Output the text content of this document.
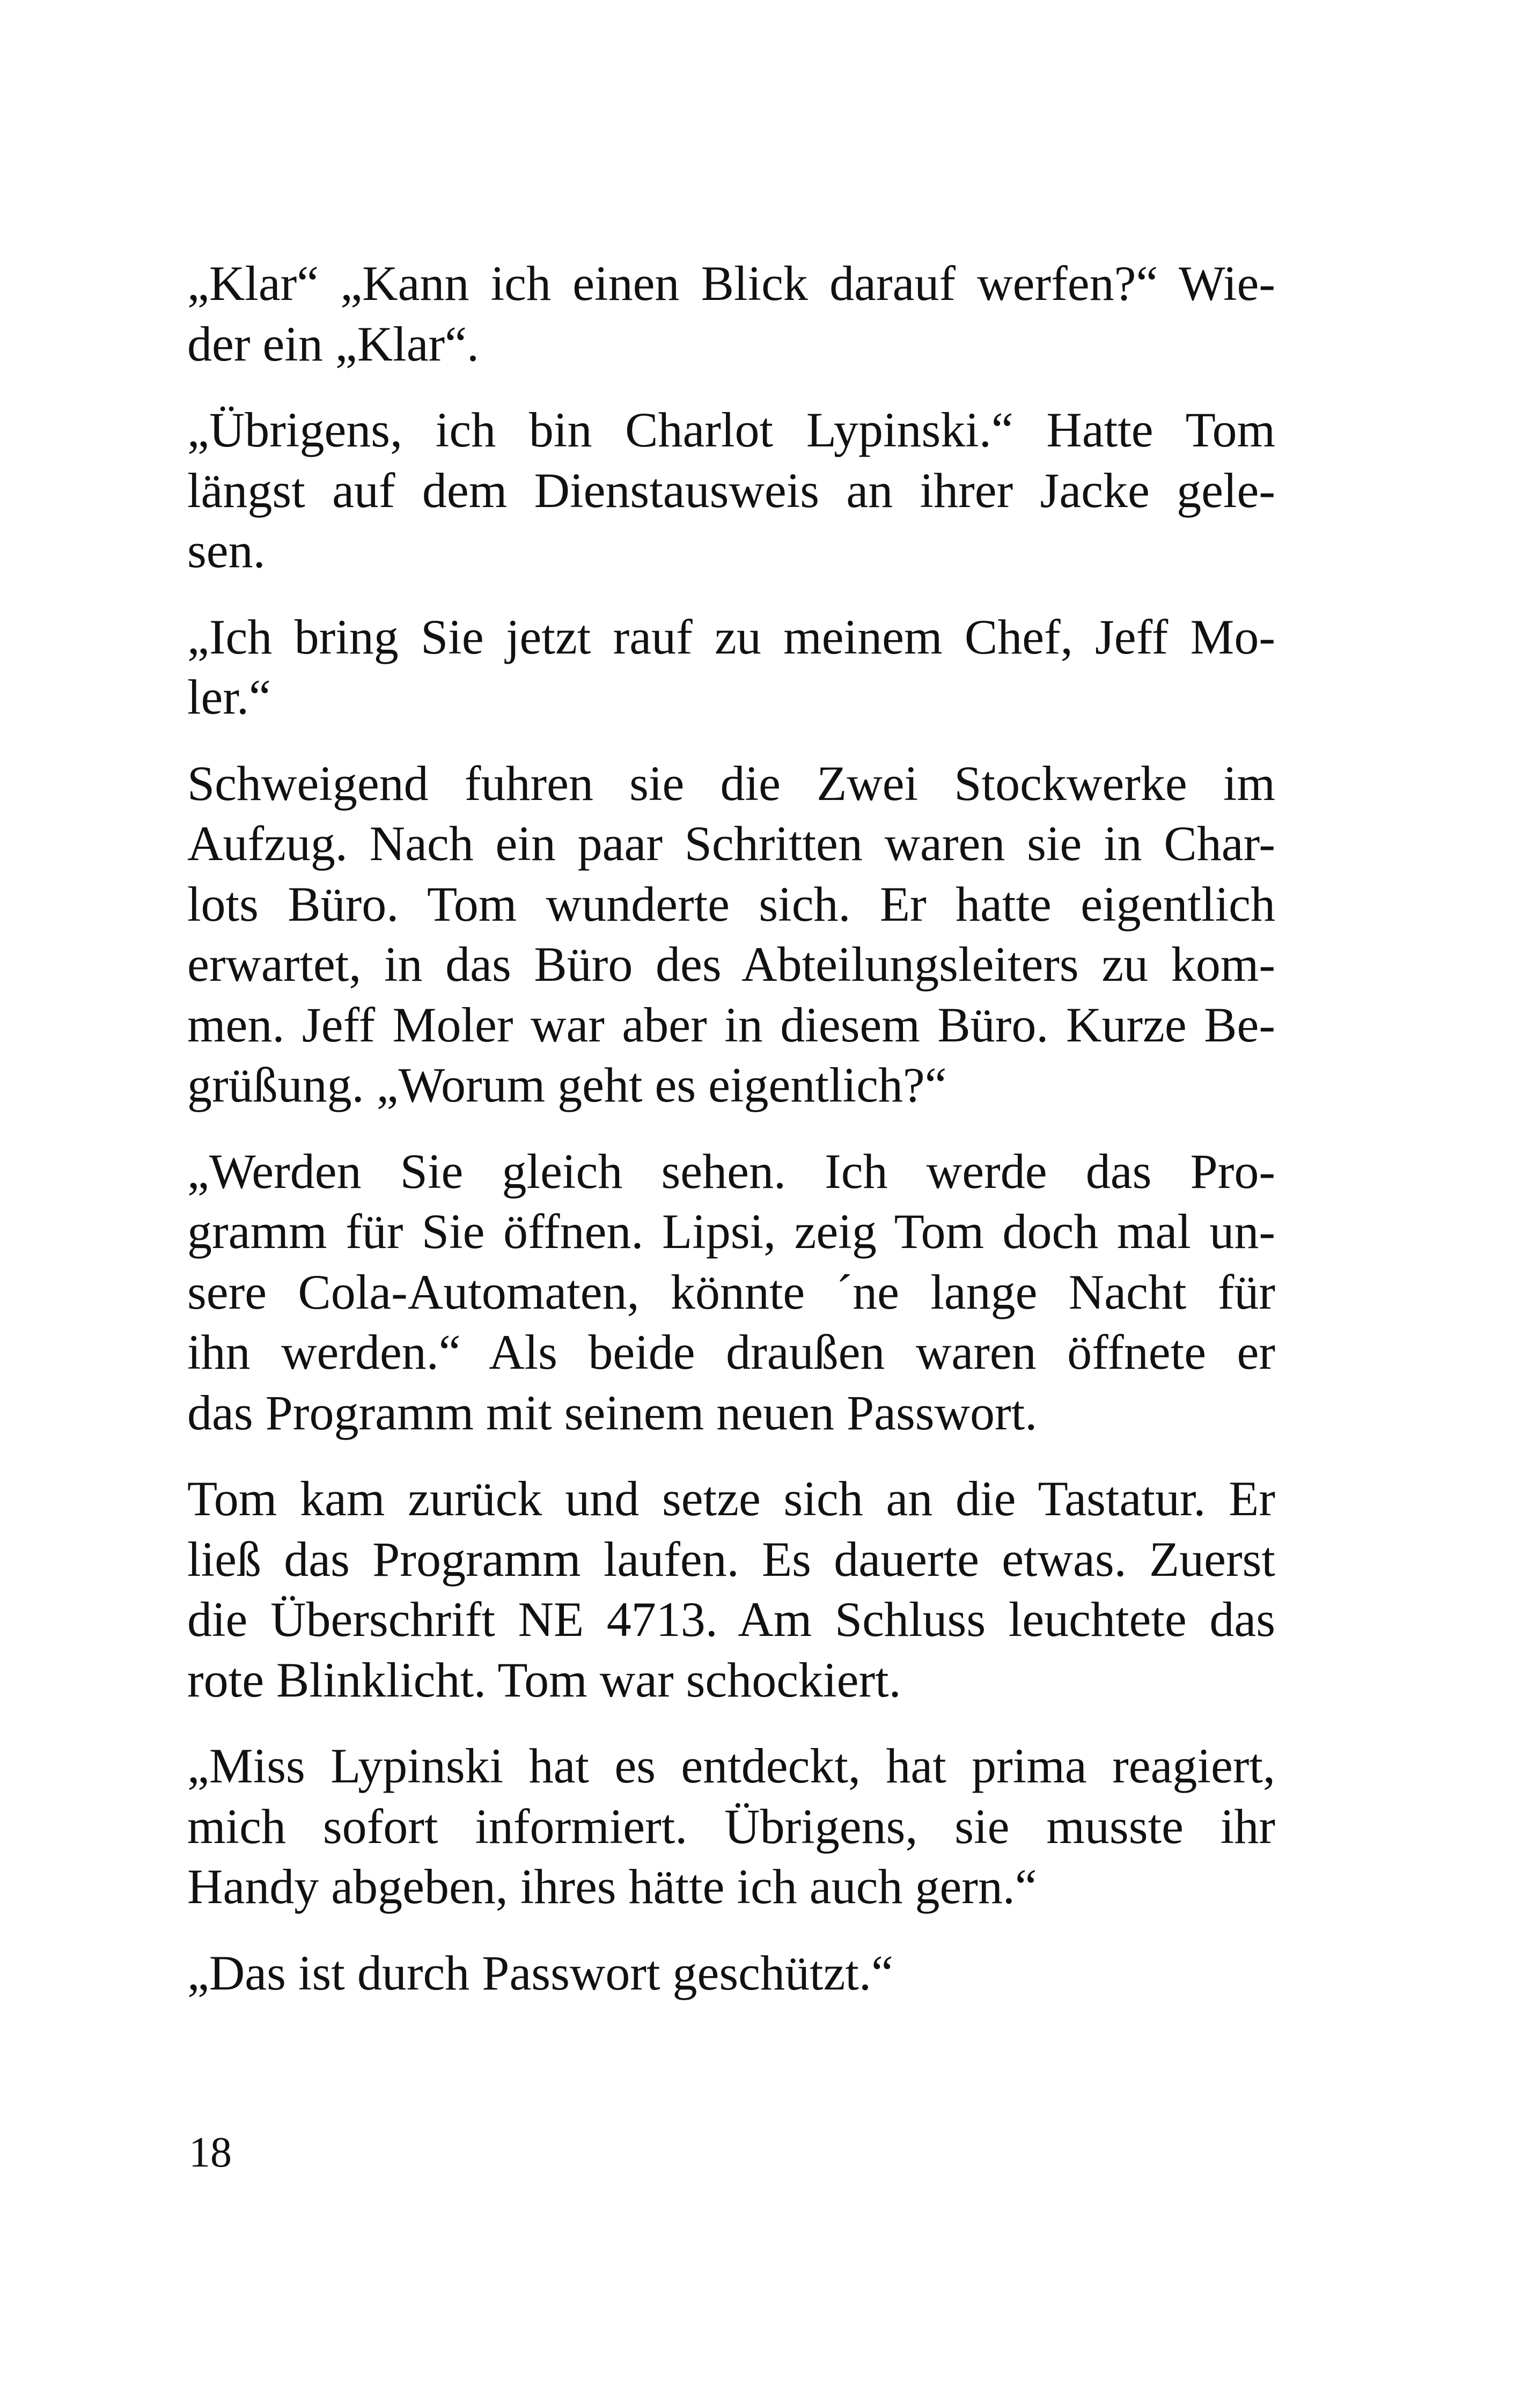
„Klar“ „Kann ich einen Blick darauf werfen?“ Wie-
der ein „Klar“.

„Übrigens, ich bin Charlot Lypinski.“ Hatte Tom
längst auf dem Dienstausweis an ihrer Jacke gele-
sen.

„Ich bring Sie jetzt rauf zu meinem Chef, Jeff Mo-
ler.“

Schweigend fuhren sie die Zwei Stockwerke im
Aufzug. Nach ein paar Schritten waren sie in Char-
lots Büro. Tom wunderte sich. Er hatte eigentlich
erwartet, in das Büro des Abteilungsleiters zu kom-
men. Jeff Moler war aber in diesem Büro. Kurze Be-
grüßung. „Worum geht es eigentlich?“

„Werden Sie gleich sehen. Ich werde das Pro-
gramm für Sie öffnen. Lipsi, zeig Tom doch mal un-
sere Cola-Automaten, könnte ´ne lange Nacht für
ihn werden.“ Als beide draußen waren öffnete er
das Programm mit seinem neuen Passwort.

Tom kam zurück und setze sich an die Tastatur. Er
ließ das Programm laufen. Es dauerte etwas. Zuerst
die Überschrift NE 4713. Am Schluss leuchtete das
rote Blinklicht. Tom war schockiert.

„Miss Lypinski hat es entdeckt, hat prima reagiert,
mich sofort informiert. Übrigens, sie musste ihr
Handy abgeben, ihres hätte ich auch gern.“

„Das ist durch Passwort geschützt.“

18
